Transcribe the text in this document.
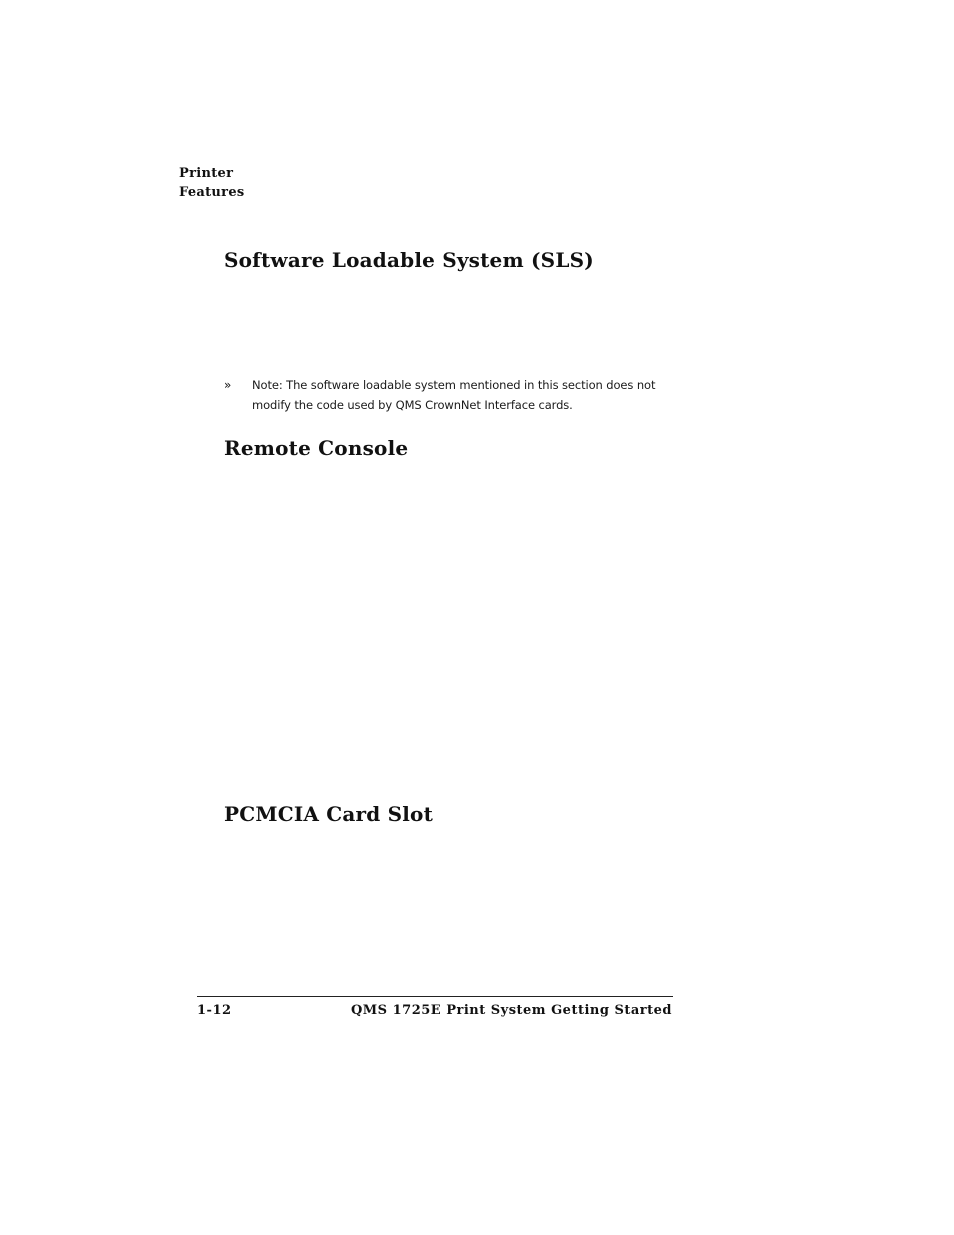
Printer
Features
Software Loadable System (SLS)
» Note: The software loadable system mentioned in this section does not
modify the code used by QMS CrownNet Interface cards.
Remote Console
PCMCIA Card Slot
1-12	QMS 1725E Print System Getting Started
